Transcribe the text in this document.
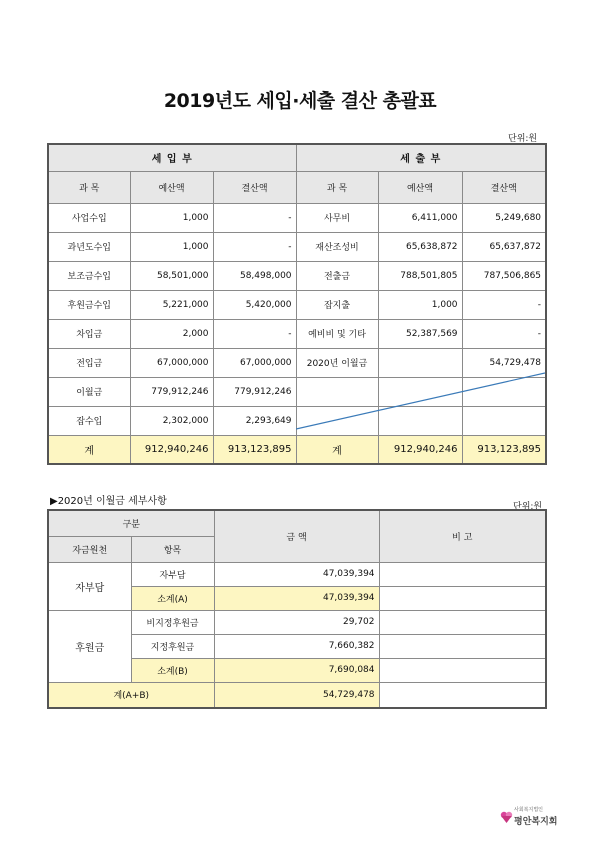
2019년도 세입·세출 결산 총괄표
단위:원
세 입 부			세 출 부		
과 목	예산액	결산액	과 목	예산액	결산액
사업수입	1,000	-	사무비	6,411,000	5,249,680
과년도수입	1,000	-	재산조성비	65,638,872	65,637,872
보조금수입	58,501,000	58,498,000	전출금	788,501,805	787,506,865
후원금수입	5,221,000	5,420,000	잡지출	1,000	-
차입금	2,000	-	예비비 및 기타	52,387,569	-
전입금	67,000,000	67,000,000	2020년 이월금		54,729,478
이월금	779,912,246	779,912,246			
잡수입	2,302,000	2,293,649			
계	912,940,246	913,123,895	계	912,940,246	913,123,895
▶2020년 이월금 세부사항	단위:원
구분		금 액	비 고
자금원천	항목		
자부담	자부담	47,039,394	
	소계(A)	47,039,394	
후원금	비지정후원금	29,702	
	지정후원금	7,660,382	
	소계(B)	7,690,084	
계(A+B)		54,729,478	
사회복지법인
평안복지회
